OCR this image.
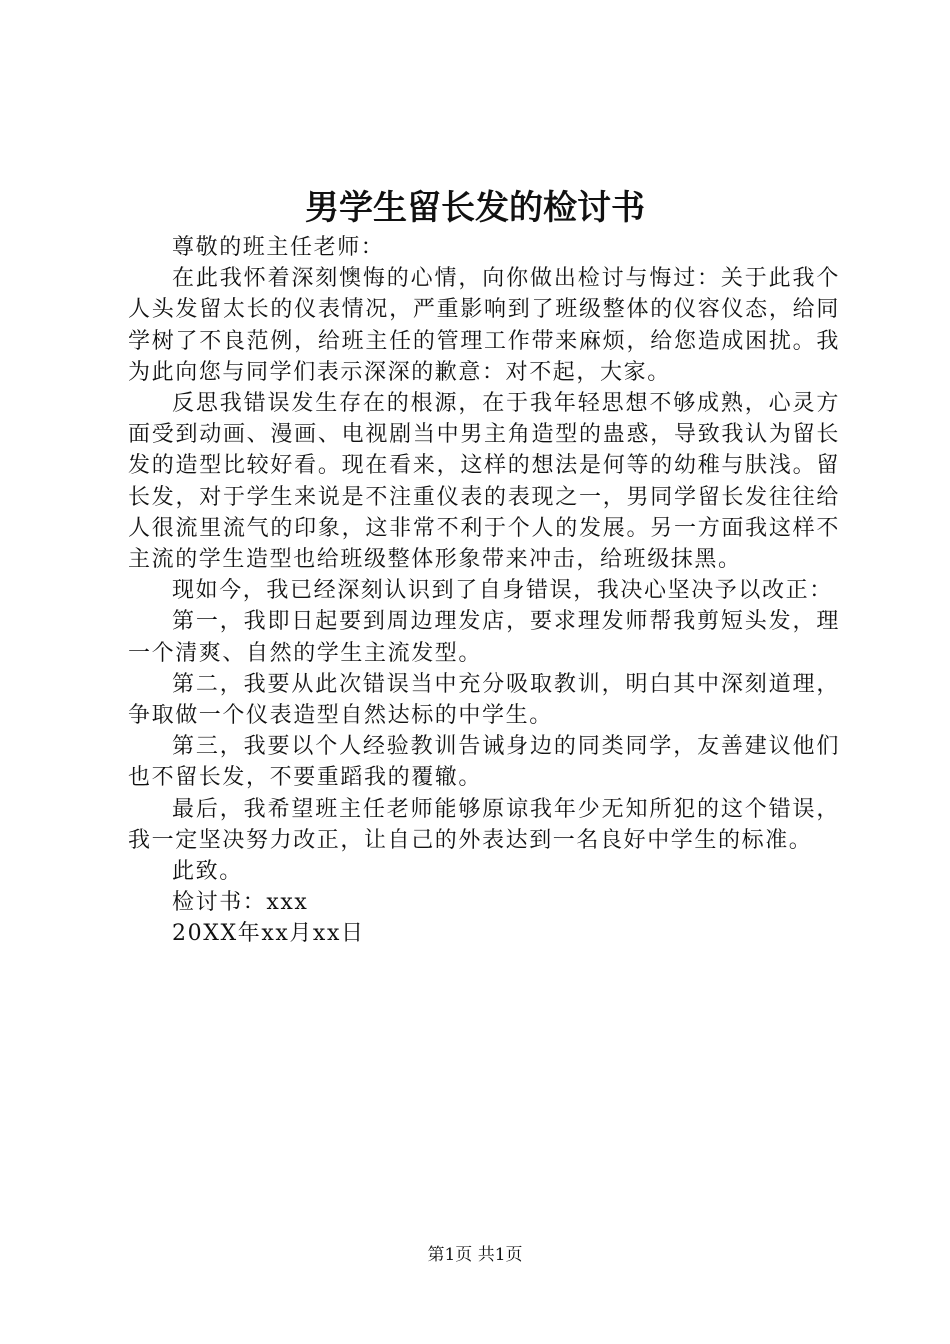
男学生留长发的检讨书

尊敬的班主任老师：

在此我怀着深刻懊悔的心情，向你做出检讨与悔过：关于此我个人头发留太长的仪表情况，严重影响到了班级整体的仪容仪态，给同学树了不良范例，给班主任的管理工作带来麻烦，给您造成困扰。我为此向您与同学们表示深深的歉意：对不起，大家。

反思我错误发生存在的根源，在于我年轻思想不够成熟，心灵方面受到动画、漫画、电视剧当中男主角造型的蛊惑，导致我认为留长发的造型比较好看。现在看来，这样的想法是何等的幼稚与肤浅。留长发，对于学生来说是不注重仪表的表现之一，男同学留长发往往给人很流里流气的印象，这非常不利于个人的发展。另一方面我这样不主流的学生造型也给班级整体形象带来冲击，给班级抹黑。

现如今，我已经深刻认识到了自身错误，我决心坚决予以改正：

第一，我即日起要到周边理发店，要求理发师帮我剪短头发，理一个清爽、自然的学生主流发型。

第二，我要从此次错误当中充分吸取教训，明白其中深刻道理，争取做一个仪表造型自然达标的中学生。

第三，我要以个人经验教训告诫身边的同类同学，友善建议他们也不留长发，不要重蹈我的覆辙。

最后，我希望班主任老师能够原谅我年少无知所犯的这个错误，我一定坚决努力改正，让自己的外表达到一名良好中学生的标准。

此致。

检讨书：xxx

20XX年xx月xx日

第1页 共1页
